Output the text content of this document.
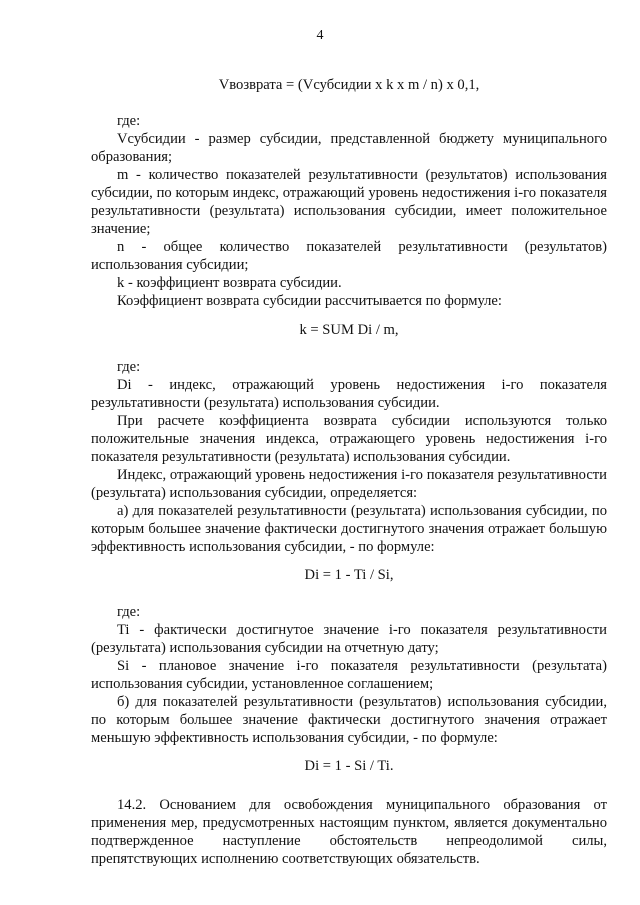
4

Vвозврата = (Vсубсидии x k x m / n) x 0,1,

где:

Vсубсидии - размер субсидии, представленной бюджету муниципального образования;

m - количество показателей результативности (результатов) использования субсидии, по которым индекс, отражающий уровень недостижения i-го показателя результативности (результата) использования субсидии, имеет положительное значение;

n - общее количество показателей результативности (результатов) использования субсидии;

k - коэффициент возврата субсидии.

Коэффициент возврата субсидии рассчитывается по формуле:

k = SUM Di / m,

где:

Di - индекс, отражающий уровень недостижения i-го показателя результативности (результата) использования субсидии.

При расчете коэффициента возврата субсидии используются только положительные значения индекса, отражающего уровень недостижения i-го показателя результативности (результата) использования субсидии.

Индекс, отражающий уровень недостижения i-го показателя результативности (результата) использования субсидии, определяется:

а) для показателей результативности (результата) использования субсидии, по которым большее значение фактически достигнутого значения отражает большую эффективность использования субсидии, - по формуле:

Di = 1 - Ti / Si,

где:

Ti - фактически достигнутое значение i-го показателя результативности (результата) использования субсидии на отчетную дату;

Si - плановое значение i-го показателя результативности (результата) использования субсидии, установленное соглашением;

б) для показателей результативности (результатов) использования субсидии, по которым большее значение фактически достигнутого значения отражает меньшую эффективность использования субсидии, - по формуле:

Di = 1 - Si / Ti.

14.2. Основанием для освобождения муниципального образования от применения мер, предусмотренных настоящим пунктом, является документально подтвержденное наступление обстоятельств непреодолимой силы, препятствующих исполнению соответствующих обязательств.
